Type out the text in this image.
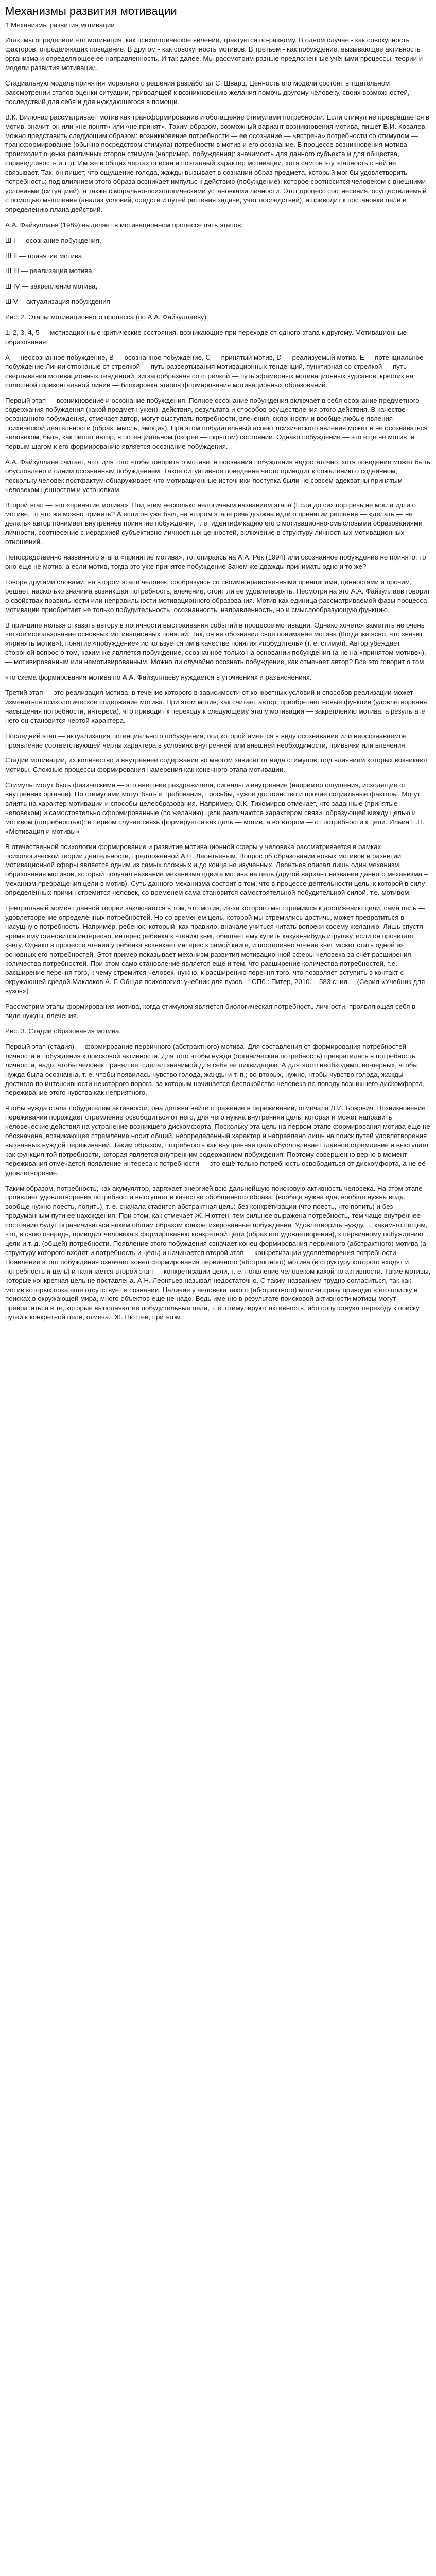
Механизмы развития мотивации

1 Механизмы развития мотивации

Итак, мы определили что мотивация, как психологическое явление, трактуется по-разному. В одном случае - как совокупность факторов, определяющих поведение. В другом - как совокупность мотивов. В третьем - как побуждение, вызывающее активность организма и определяющее ее направленность. И так далее. Мы рассмотрим разные предложенные учёными процессы, теории и модели развития мотивации.

Стадиальную модель принятия морального решения разработал С. Шварц. Ценность его модели состоит в тщательном рассмотрении этапов оценки ситуации, приводящей к возникновению желания помочь другому человеку, своих возможностей, последствий для себя и для нуждающегося в помощи.

В.К. Вилюнас рассматривает мотив как трансформирование и обогащение стимулами потребности. Если стимул не превращается в мотив, значит, он или «не понят» или «не принят». Таким образом, возможный вариант возникновения мотива, пишет В.И. Ковалев, можно представить следующим образом: возникновение потребности — ее осознание — «встреча» потребности со стимулом — трансформирование (обычно посредством стимула) потребности в мотив и его осознание. В процессе возникновения мотива происходит оценка различных сторон стимула (например, побуждения): значимость для данного субъекта и для общества, справедливость и т. д. Им же в общих чертах описан и поэтапный характер мотивации, хотя сам он эту этапность с ней не связывает. Так, он пишет, что ощущение голода, жажды вызывает в сознании образ предмета, который мог бы удовлетворить потребность; под влиянием этого образа возникает импульс к действию (побуждение), которое соотносится человеком с внешними условиями (ситуацией), а также с морально-психологическими установками личности. Этот процесс соотнесения, осуществляемый с помощью мышления (анализ условий, средств и путей решения задачи, учет последствий), и приводит к постановке цели и определению плана действий.

А.А. Файзуллаев (1989) выделяет в мотивационном процессе пять этапов:

Ш I — осознание побуждения,

Ш II — принятие мотива,

Ш III — реализация мотива,

Ш IV — закрепление мотива,

Ш V -- актуализация побуждения

Рис. 2. Этапы мотивационного процесса (по А.А. Файзуллаеву).

1, 2, 3, 4, 5 — мотивационные критические состояния, возникающие при переходе от одного этапа к другому. Мотивационные образования:

А — неосознанное побуждение, В — осознанное побуждение, С — принятый мотив, D — реализуемый мотив, Е — потенциальное побуждение Линии cтпоканые от стрелкой — путь развертывания мотивационных тенденций, пунктирная со стрелкой — путь свертывания мотивационных тенденций, зигзагообразная со стрелкой — путь эфемерных мотивационных курсанов, крестик на сплошной горизонтальной линии — блокировка этапов формирования мотивационных образований.

Первый этап — возникновение и осознание побуждения. Полное осознание побуждения включает в себя осознание предметного содержания побуждения (какой предмет нужен), действия, результата и способов осуществления этого действия. В качестве осознанного побуждения, отмечает автор, могут выступать потребности, влечения, склонности и вообще любые явления психической деятельности (образ, мысль, эмоция). При этом побудительный аспект психического явления может и не осознаваться человеком; быть, как пишет автор, в потенциальном (скорее — скрытом) состоянии. Однако побуждение — это еще не мотив, и первым шагом к его формированию является осознание побуждения.

А.А. Файзуллаев считает, что, для того чтобы говорить о мотиве, и осознания побуждения недостаточно, хотя поведение может быть обусловлено и одним осознанным побуждением. Такое ситуативное поведение часто приводит к сожалению о содеянном, поскольку человек постфактум обнаруживает, что мотивационные источники поступка были не совсем адекватны принятым человеком ценностям и установкам.

Второй этап — это «принятие мотива». Под этим несколько нелогичным названием этапа (Если до сих пор речь не могла идти о мотиве, то что же можно принять? А если он уже был, на втором этапе речь должна идти о принятии решения — «делать — не делать» автор понимает внутреннее принятие побуждения, т. е. идентификацию его с мотивационно-смысловыми образованиями личности, соотнесение с иерархией субъективно-личностных ценностей, включение в структуру личностных мотивационных отношений.

Непосредственно названного этапа «принятие мотива», то, опираясь на А.А. Рек (1994) или осознанное побуждение не принято; то оно еще не мотив, а если мотив, тогда это уже принятое побуждение Зачем же дважды принимать одно и то же?

Говоря другими словами, на втором этапе человек, сообразуясь со своими нравственными принципами, ценностями и прочим, решает, насколько значима возникшая потребность, влечение, стоит ли ее удовлетворять. Несмотря на это А.А. Файзуллаев говорит о свойствах правильности или неправильности мотивационного образования. Мотив как единица рассматриваемой фазы процесса мотивации приобретает не только побудительность, осознанность, направленность, но и смыслообразующую функцию.

В принципе нельзя отказать автору в логичности выстраивания событий в процессе мотивации. Однако хочется заметить не очень четкое использование основных мотивационных понятий. Так, он не обозначил свое понимание мотива (Когда же ясно, что значит «принять мотив»), понятие «побуждение» используется им в качестве понятия «побудитель» (т. е. стимул). Автор убеждает стороной вопрос о том, каким же является побуждение, осознанное только на основании побуждения (а не на «принятом мотиве»), — мотивированным или немотивированным. Можно ли случайно осознать побуждение, как отмечает автор? Все это говорит о том,

что схема формирования мотива по А.А. Файзуллаеву нуждается в уточнениях и разъяснениях.

Третий этап — это реализация мотива, в течение которого в зависимости от конкретных условий и способов реализации может изменяться психологическое содержание мотива. При этом мотив, как считает автор, приобретает новые функции (удовлетворения, насыщения потребности, интереса), что приводит к переходу к следующему этапу мотивации — закреплению мотива, а результате него он становится чертой характера.

Последний этап — актуализация потенциального побуждения, под которой имеется в виду осознавание или неосознаваемое проявление соответствующей черты характера в условиях внутренней или внешней необходимости, привычки или влечения.

Стадии мотивации, их количество и внутреннее содержание во многом зависят от вида стимулов, под влиянием которых возникают мотивы. Сложные процессы формирования намерения как конечного этапа мотивации.

Стимулы могут быть физическими — это внешние раздражители, сигналы и внутренние (например ощущения, исходящие от внутренних органов). Но стимулами могут быть и требования, просьбы, чужое достоинство и прочие социальные факторы. Могут влиять на характер мотивации и способы целеобразования. Например, О.К. Тихомиров отмечает, что заданные (принятые человеком) и самостоятельно сформированные (по желанию) цели различаются характером связи, образующей между целью и мотивом (потребностью): в первом случае связь формируется как цель — мотив, а во втором — от потребности к цели. Ильин Е.П. «Мотивация и мотивы»

В отечественной психологии формирование и развитие мотивационной сферы у человека рассматривается в рамках психологической теории деятельности, предложенной А.Н. Леонтьевым. Вопрос об образовании новых мотивов и развитии мотивационной сферы является одним из самых сложных и до конца не изученных. Леонтьев описал лишь один механизм образования мотивов, который получил название механизма сдвига мотива на цель (другой вариант названия данного механизма –механизм превращения цели в мотив). Суть данного механизма состоит в том, что в процессе деятельности цель, к которой в силу определённых причин стремится человек, со временем сама становится самостоятельной побудительной силой, т.е. мотивом.

Центральный момент данной теории заключается в том, что мотив, из-за которого мы стремимся к достижению цели, сама цель — удовлетворение определённых потребностей. Но со временем цель, которой мы стремились достичь, может превратиться в насущную потребность. Например, ребенок, который, как правило, вначале учиться читать вопреки своему желанию. Лишь спустя время ему становится интересно, интерес ребёнка к чтению книг, обещает ему купить какую-нибудь игрушку, если он прочитает книгу. Однако в процессе чтения у ребёнка возникает интерес к самой книге, и постепенно чтение книг может стать одной из основных его потребностей. Этот пример показывает механизм развития мотивационной сферы человека за счёт расширения количества потребностей. При этом само становление является ещё и тем, что расширение количества потребностей, т.е. расширение перечня того, к чему стремится человек, нужно, к расширению перечня того, что позволяет вступить в контакт с окружающей средой.Маклаков А. Г. Общая психология: учебник для вузов. – СПб.: Питер, 2010. – 583 с: ил. – (Серия «Учебник для вузов»)

Рассмотрим этапы формирования мотива, когда стимулом является биологическая потребность личности, проявляющая себя в виде нужды, влечения.

Рис. 3. Стадии образования мотива.

Первый этап (стадия) — формирование первичного (абстрактного) мотива. Для составления от формирования потребностей личности и побуждения к поисковой активности. Для того чтобы нужда (органическая потребность) превратилась в потребность личности, надо, чтобы человек принял ее; сделал значимой для себя ее ликвидацию. А для этого необходимо, во-первых, чтобы нужда была осознанна, т. е. чтобы появилась чувство голода, жажды и т. п.; во-вторых, нужно, чтобы чувство голода, жажды достигло по интенсивности некоторого порога, за которым начинается беспокойство человека по поводу возникшего дискомфорта, переживание этого чувства как неприятного.

Чтобы нужда стала побудителем активности, она должна найти отражение в переживании, отмечала Л.И. Божович. Возникновение переживания порождает стремление освободиться от него, для чего нужна внутренняя цель, которая и может направить человеческие действия на устранение возникшего дискомфорта. Поскольку эта цель на первом этапе формирования мотива еще не обозначена, возникающее стремление носит общий, неопределенный характер и направлено лишь на поиск путей удовлетворения вызванных нуждой переживаний. Таким образом, потребность как внутренняя цель обусловливает главное стремление и выступает как функция той потребности, которая является внутренним содержанием побуждения. Поэтому совершенно верно в момент переживания отмечается появление интереса к потребности — это ещё только потребность освободиться от дискомфорта, а не её удовлетворение.

Таким образом, потребность, как акумулятор, заряжает энергией всю дальнейшую поисковую активность человека. На этом этапе проявляет удовлетворения потребности выступает в качестве обобщенного образа, (вообще нужна еда, вообще нужна вода, вообще нужно поесть, попить), т. е. сначала ставится абстрактная цель: без конкретизации (что поесть, что попить) и без продуманным пути ее нахождения. При этом, как отмечает Ж. Нюттен, тем сильнее выражена потребность, тем чаще внутреннее состояние будут ограничиваться неким общим образом конкретизированные побуждения. Удовлетворить нужду, ... каким-то пещем, что, в свою очередь, приводит человека к формированию конкретной цели (образ его удовлетворения), к первичному побуждению ... цели и т. д. (общей) потребности. Появление этого побуждения означает конец формирования первичного (абстрактного) мотива (а структуру которого входят и потребность и цель) и начинается второй этап — конкретизации удовлетворения потребности. Появление этого побуждения означает конец формирования первичного (абстрактного) мотива (в структуру которого входят и потребность и цель) и начинается второй этап — конкретизации цели, т. е. появление человеком какой-то активности. Такие мотивы, которые конкретная цель не поставлена. А.Н. Леонтьев называл недостаточно. С таким названием трудно согласиться, так как мотив которых пока еще отсутствует в сознании. Наличие у человека такого (абстрактного) мотива сразу приводит к его поиску в поисках в окружающей мира, много объектов еще не надо. Ведь именно в результате поисковой активности мотивы могут превратиться в те, которые выполняют ее побудительные цели, т. е. стимулируют активность, ибо сопутствуют переходу к поиску путей к конкретной цели, отмечал Ж. Нюттен; при этом
